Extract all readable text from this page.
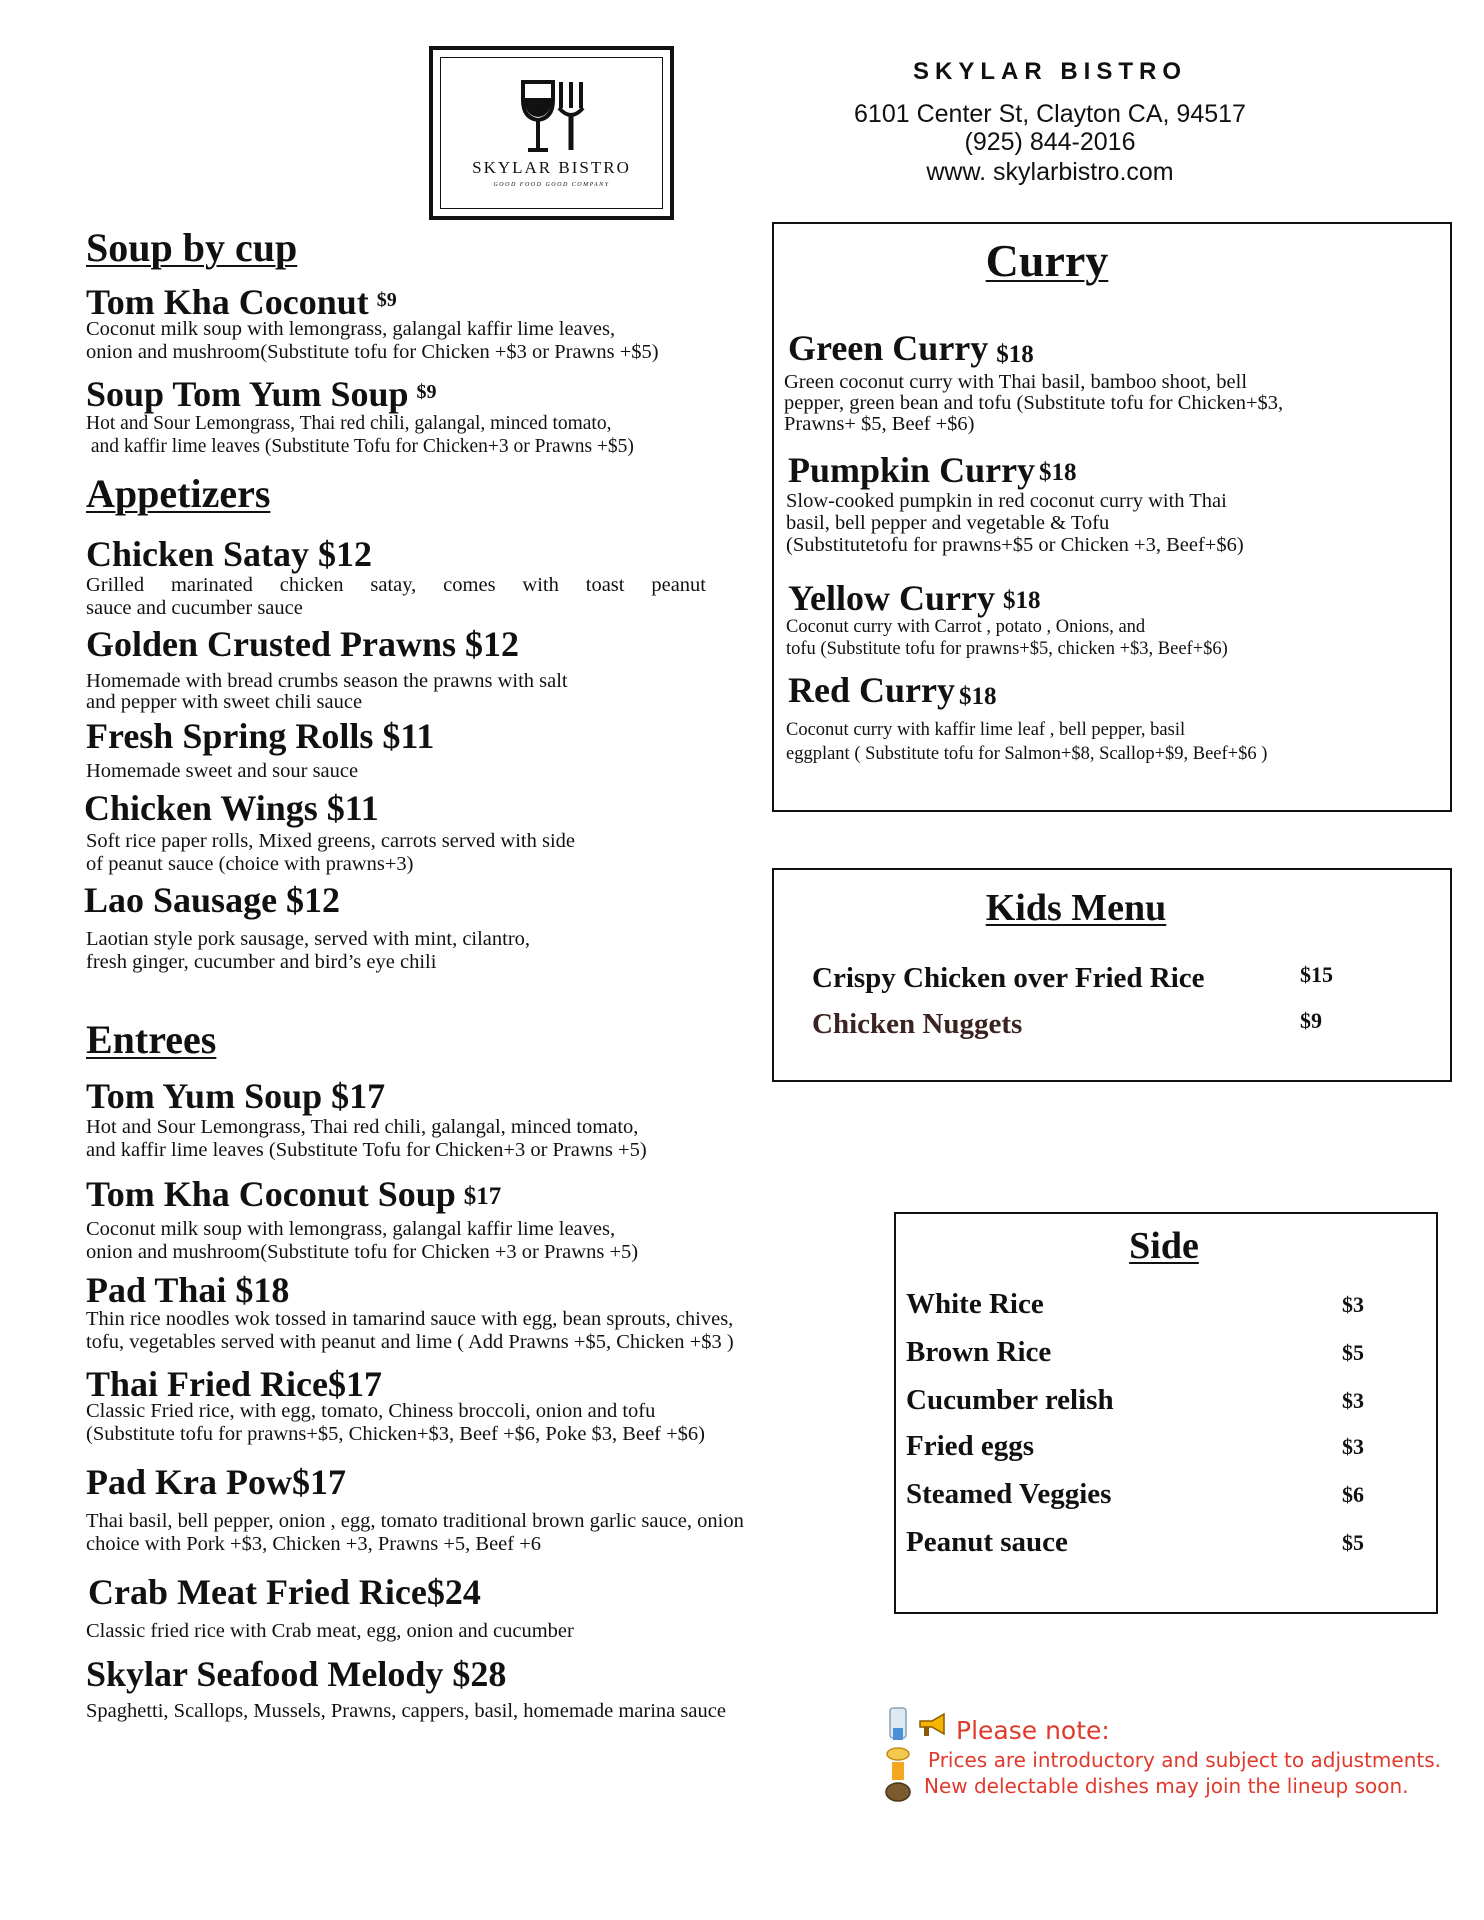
SKYLAR BISTRO
GOOD FOOD GOOD COMPANY
SKYLAR BISTRO
6101 Center St, Clayton CA, 94517
(925) 844-2016
www. skylarbistro.com
Soup by cup
Tom Kha Coconut $^{\$9}$
Coconut milk soup with lemongrass, galangal kaffir lime leaves,
onion and mushroom(Substitute tofu for Chicken +$3 or Prawns +$5)
Soup Tom Yum Soup $^{\$9}$
Hot and Sour Lemongrass, Thai red chili, galangal, minced tomato,
and kaffir lime leaves (Substitute Tofu for Chicken+3 or Prawns +$5)
Appetizers
Chicken Satay $12
Grilled marinated chicken satay, comes with toast peanut
sauce and cucumber sauce
Golden Crusted Prawns $12
Homemade with bread crumbs season the prawns with salt
and pepper with sweet chili sauce
Fresh Spring Rolls $11
Homemade sweet and sour sauce
Chicken Wings $11
Soft rice paper rolls, Mixed greens, carrots served with side
of peanut sauce (choice with prawns+3)
Lao Sausage $12
Laotian style pork sausage, served with mint, cilantro,
fresh ginger, cucumber and bird’s eye chili
Entrees
Tom Yum Soup $17
Hot and Sour Lemongrass, Thai red chili, galangal, minced tomato,
and kaffir lime leaves (Substitute Tofu for Chicken+3 or Prawns +5)
Tom Kha Coconut Soup $17
Coconut milk soup with lemongrass, galangal kaffir lime leaves,
onion and mushroom(Substitute tofu for Chicken +3 or Prawns +5)
Pad Thai $18
Thin rice noodles wok tossed in tamarind sauce with egg, bean sprouts, chives,
tofu, vegetables served with peanut and lime ( Add Prawns +$5, Chicken +$3 )
Thai Fried Rice$17
Classic Fried rice, with egg, tomato, Chiness broccoli, onion and tofu
(Substitute tofu for prawns+$5, Chicken+$3, Beef +$6, Poke $3, Beef +$6)
Pad Kra Pow$17
Thai basil, bell pepper, onion , egg, tomato traditional brown garlic sauce, onion
choice with Pork +$3, Chicken +3, Prawns +5, Beef +6
Crab Meat Fried Rice$24
Classic fried rice with Crab meat, egg, onion and cucumber
Skylar Seafood Melody $28
Spaghetti, Scallops, Mussels, Prawns, cappers, basil, homemade marina sauce
Curry
Green Curry $18
Green coconut curry with Thai basil, bamboo shoot, bell
pepper, green bean and tofu (Substitute tofu for Chicken+$3,
Prawns+ $5, Beef +$6)
Pumpkin Curry $18
Slow-cooked pumpkin in red coconut curry with Thai
basil, bell pepper and vegetable & Tofu
(Substitutetofu for prawns+$5 or Chicken +3, Beef+$6)
Yellow Curry $18
Coconut curry with Carrot , potato , Onions, and
tofu (Substitute tofu for prawns+$5, chicken +$3, Beef+$6)
Red Curry $18
Coconut curry with kaffir lime leaf , bell pepper, basil
eggplant ( Substitute tofu for Salmon+$8, Scallop+$9, Beef+$6 )
Kids Menu
Crispy Chicken over Fried Rice	$15
Chicken Nuggets	$9
Side
White Rice	$3
Brown Rice	$5
Cucumber relish	$3
Fried eggs	$3
Steamed Veggies	$6
Peanut sauce	$5
Please note:
Prices are introductory and subject to adjustments.
New delectable dishes may join the lineup soon.
